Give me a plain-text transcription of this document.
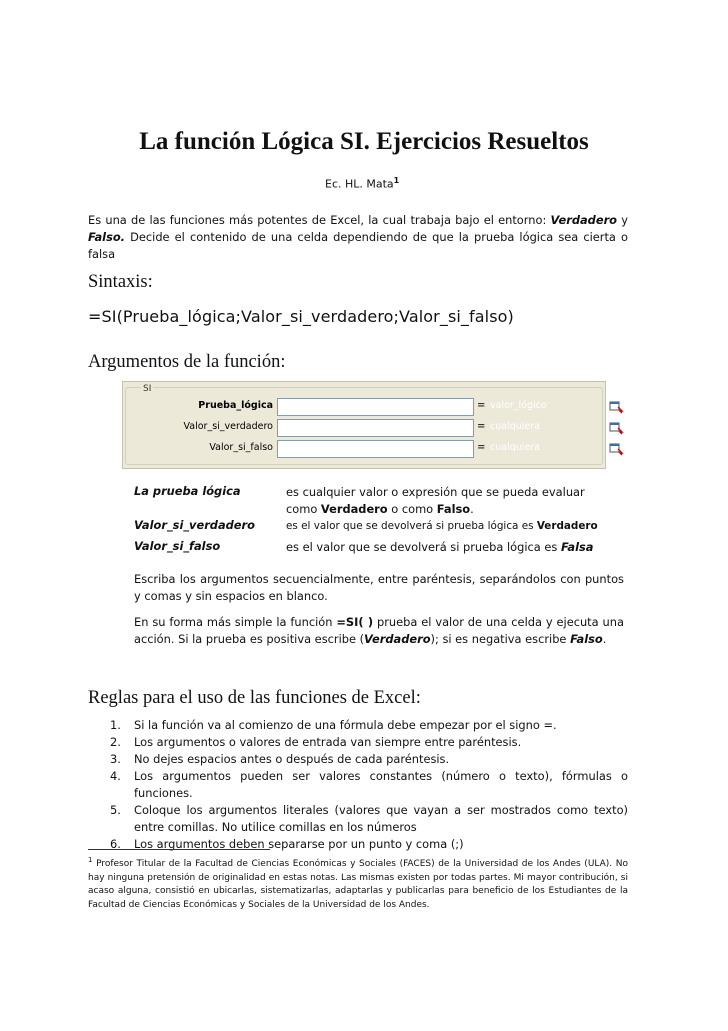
La función Lógica SI. Ejercicios Resueltos
Ec. HL. Mata$^1$
Es una de las funciones más potentes de Excel, la cual trabaja bajo el entorno: Verdadero y Falso. Decide el contenido de una celda dependiendo de que la prueba lógica sea cierta o falsa
Sintaxis:
=SI(Prueba_lógica;Valor_si_verdadero;Valor_si_falso)
Argumentos de la función:
SI
Prueba_lógica	= valor_lógico
Valor_si_verdadero	= cualquiera
Valor_si_falso	= cualquiera
La prueba lógica	es cualquier valor o expresión que se pueda evaluar como Verdadero o como Falso.
Valor_si_verdadero	es el valor que se devolverá si prueba lógica es Verdadero
Valor_si_falso	es el valor que se devolverá si prueba lógica es Falsa
Escriba los argumentos secuencialmente, entre paréntesis, separándolos con puntos y comas y sin espacios en blanco.
En su forma más simple la función =SI( ) prueba el valor de una celda y ejecuta una acción. Si la prueba es positiva escribe (Verdadero); si es negativa escribe Falso.
Reglas para el uso de las funciones de Excel:
1. Si la función va al comienzo de una fórmula debe empezar por el signo =.
2. Los argumentos o valores de entrada van siempre entre paréntesis.
3. No dejes espacios antes o después de cada paréntesis.
4. Los argumentos pueden ser valores constantes (número o texto), fórmulas o funciones.
5. Coloque los argumentos literales (valores que vayan a ser mostrados como texto) entre comillas. No utilice comillas en los números
6. Los argumentos deben separarse por un punto y coma (;)
$^1$ Profesor Titular de la Facultad de Ciencias Económicas y Sociales (FACES) de la Universidad de los Andes (ULA). No hay ninguna pretensión de originalidad en estas notas. Las mismas existen por todas partes. Mi mayor contribución, si acaso alguna, consistió en ubicarlas, sistematizarlas, adaptarlas y publicarlas para beneficio de los Estudiantes de la Facultad de Ciencias Económicas y Sociales de la Universidad de los Andes.
